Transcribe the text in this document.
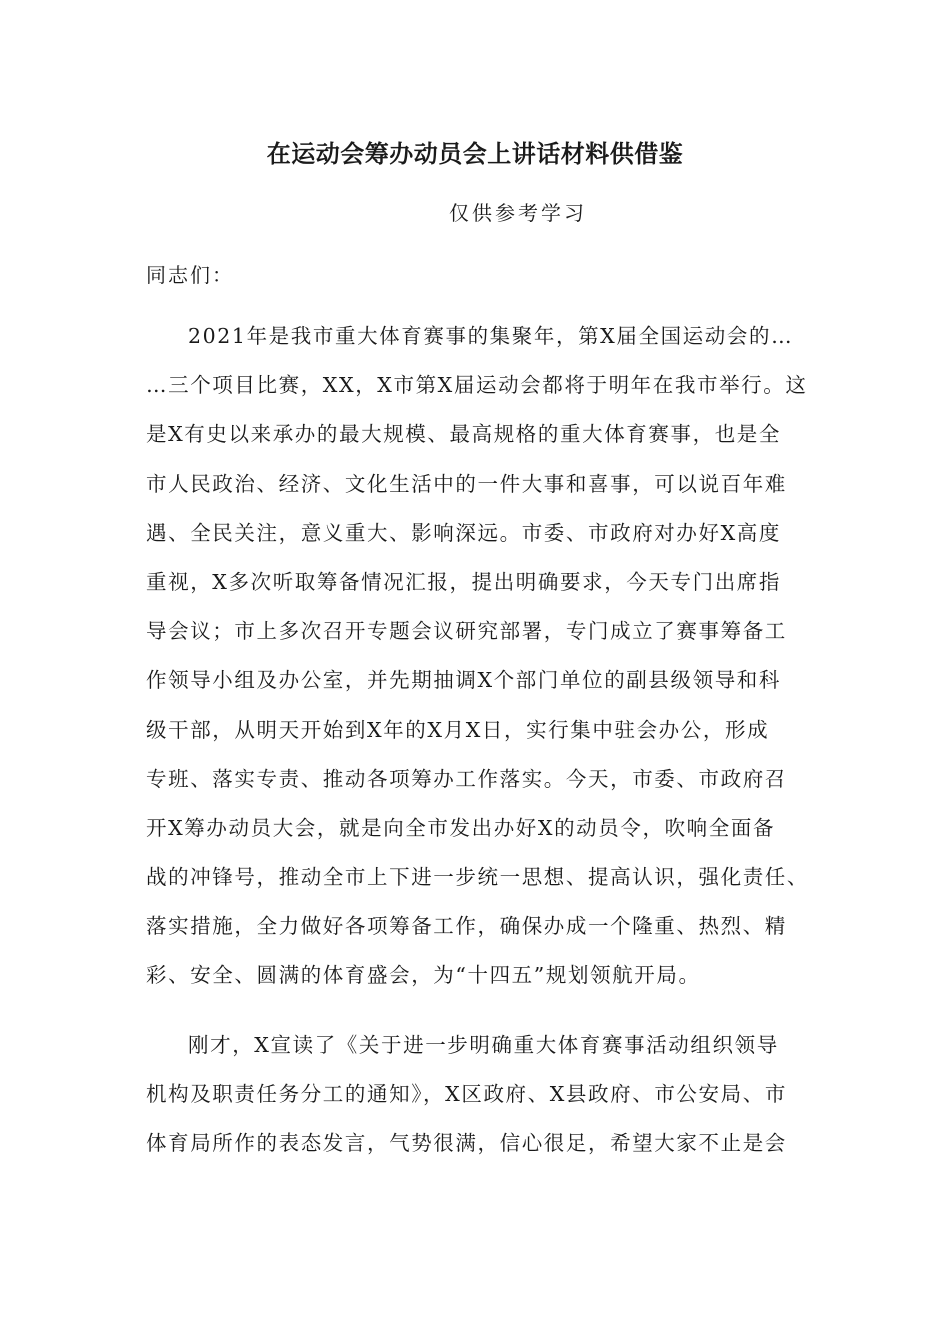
在运动会筹办动员会上讲话材料供借鉴
仅供参考学习
同志们：
2021年是我市重大体育赛事的集聚年，第X届全国运动会的…
…三个项目比赛，XX，X市第X届运动会都将于明年在我市举行。这
是X有史以来承办的最大规模、最高规格的重大体育赛事，也是全
市人民政治、经济、文化生活中的一件大事和喜事，可以说百年难
遇、全民关注，意义重大、影响深远。市委、市政府对办好X高度
重视，X多次听取筹备情况汇报，提出明确要求，今天专门出席指
导会议；市上多次召开专题会议研究部署，专门成立了赛事筹备工
作领导小组及办公室，并先期抽调X个部门单位的副县级领导和科
级干部，从明天开始到X年的X月X日，实行集中驻会办公，形成
专班、落实专责、推动各项筹办工作落实。今天，市委、市政府召
开X筹办动员大会，就是向全市发出办好X的动员令，吹响全面备
战的冲锋号，推动全市上下进一步统一思想、提高认识，强化责任、
落实措施，全力做好各项筹备工作，确保办成一个隆重、热烈、精
彩、安全、圆满的体育盛会，为“十四五”规划领航开局。
刚才，X宣读了《关于进一步明确重大体育赛事活动组织领导
机构及职责任务分工的通知》，X区政府、X县政府、市公安局、市
体育局所作的表态发言，气势很满，信心很足，希望大家不止是会
